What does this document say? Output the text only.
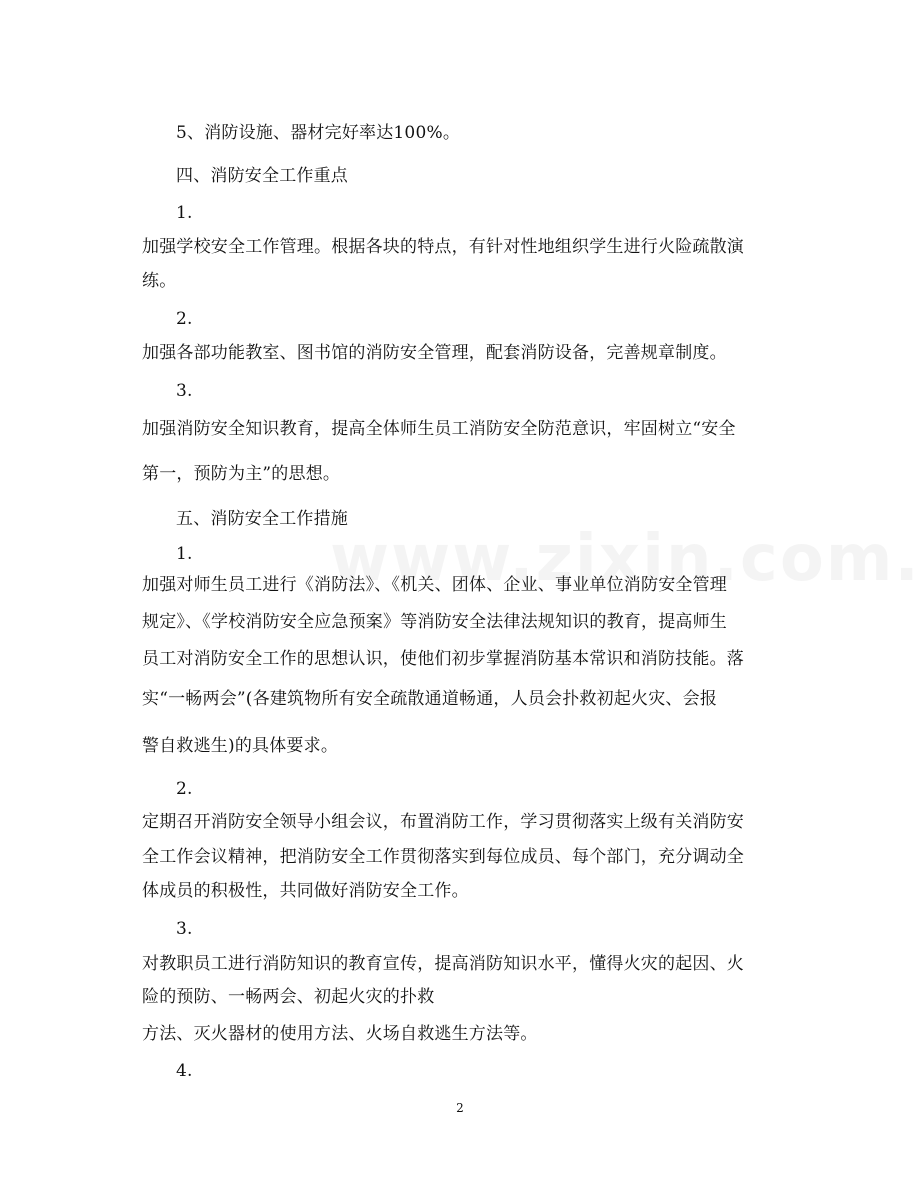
5、消防设施、器材完好率达100%。
四、消防安全工作重点
1.
加强学校安全工作管理。根据各块的特点，有针对性地组织学生进行火险疏散演
练。
2.
加强各部功能教室、图书馆的消防安全管理，配套消防设备，完善规章制度。
3.
加强消防安全知识教育，提高全体师生员工消防安全防范意识，牢固树立“安全
第一，预防为主”的思想。
五、消防安全工作措施
1.
加强对师生员工进行《消防法》、《机关、团体、企业、事业单位消防安全管理
规定》、《学校消防安全应急预案》等消防安全法律法规知识的教育，提高师生
员工对消防安全工作的思想认识，使他们初步掌握消防基本常识和消防技能。落
实“一畅两会”(各建筑物所有安全疏散通道畅通，人员会扑救初起火灾、会报
警自救逃生)的具体要求。
2.
定期召开消防安全领导小组会议，布置消防工作，学习贯彻落实上级有关消防安
全工作会议精神，把消防安全工作贯彻落实到每位成员、每个部门，充分调动全
体成员的积极性，共同做好消防安全工作。
3.
对教职员工进行消防知识的教育宣传，提高消防知识水平，懂得火灾的起因、火
险的预防、一畅两会、初起火灾的扑救
方法、灭火器材的使用方法、火场自救逃生方法等。
4.
2
